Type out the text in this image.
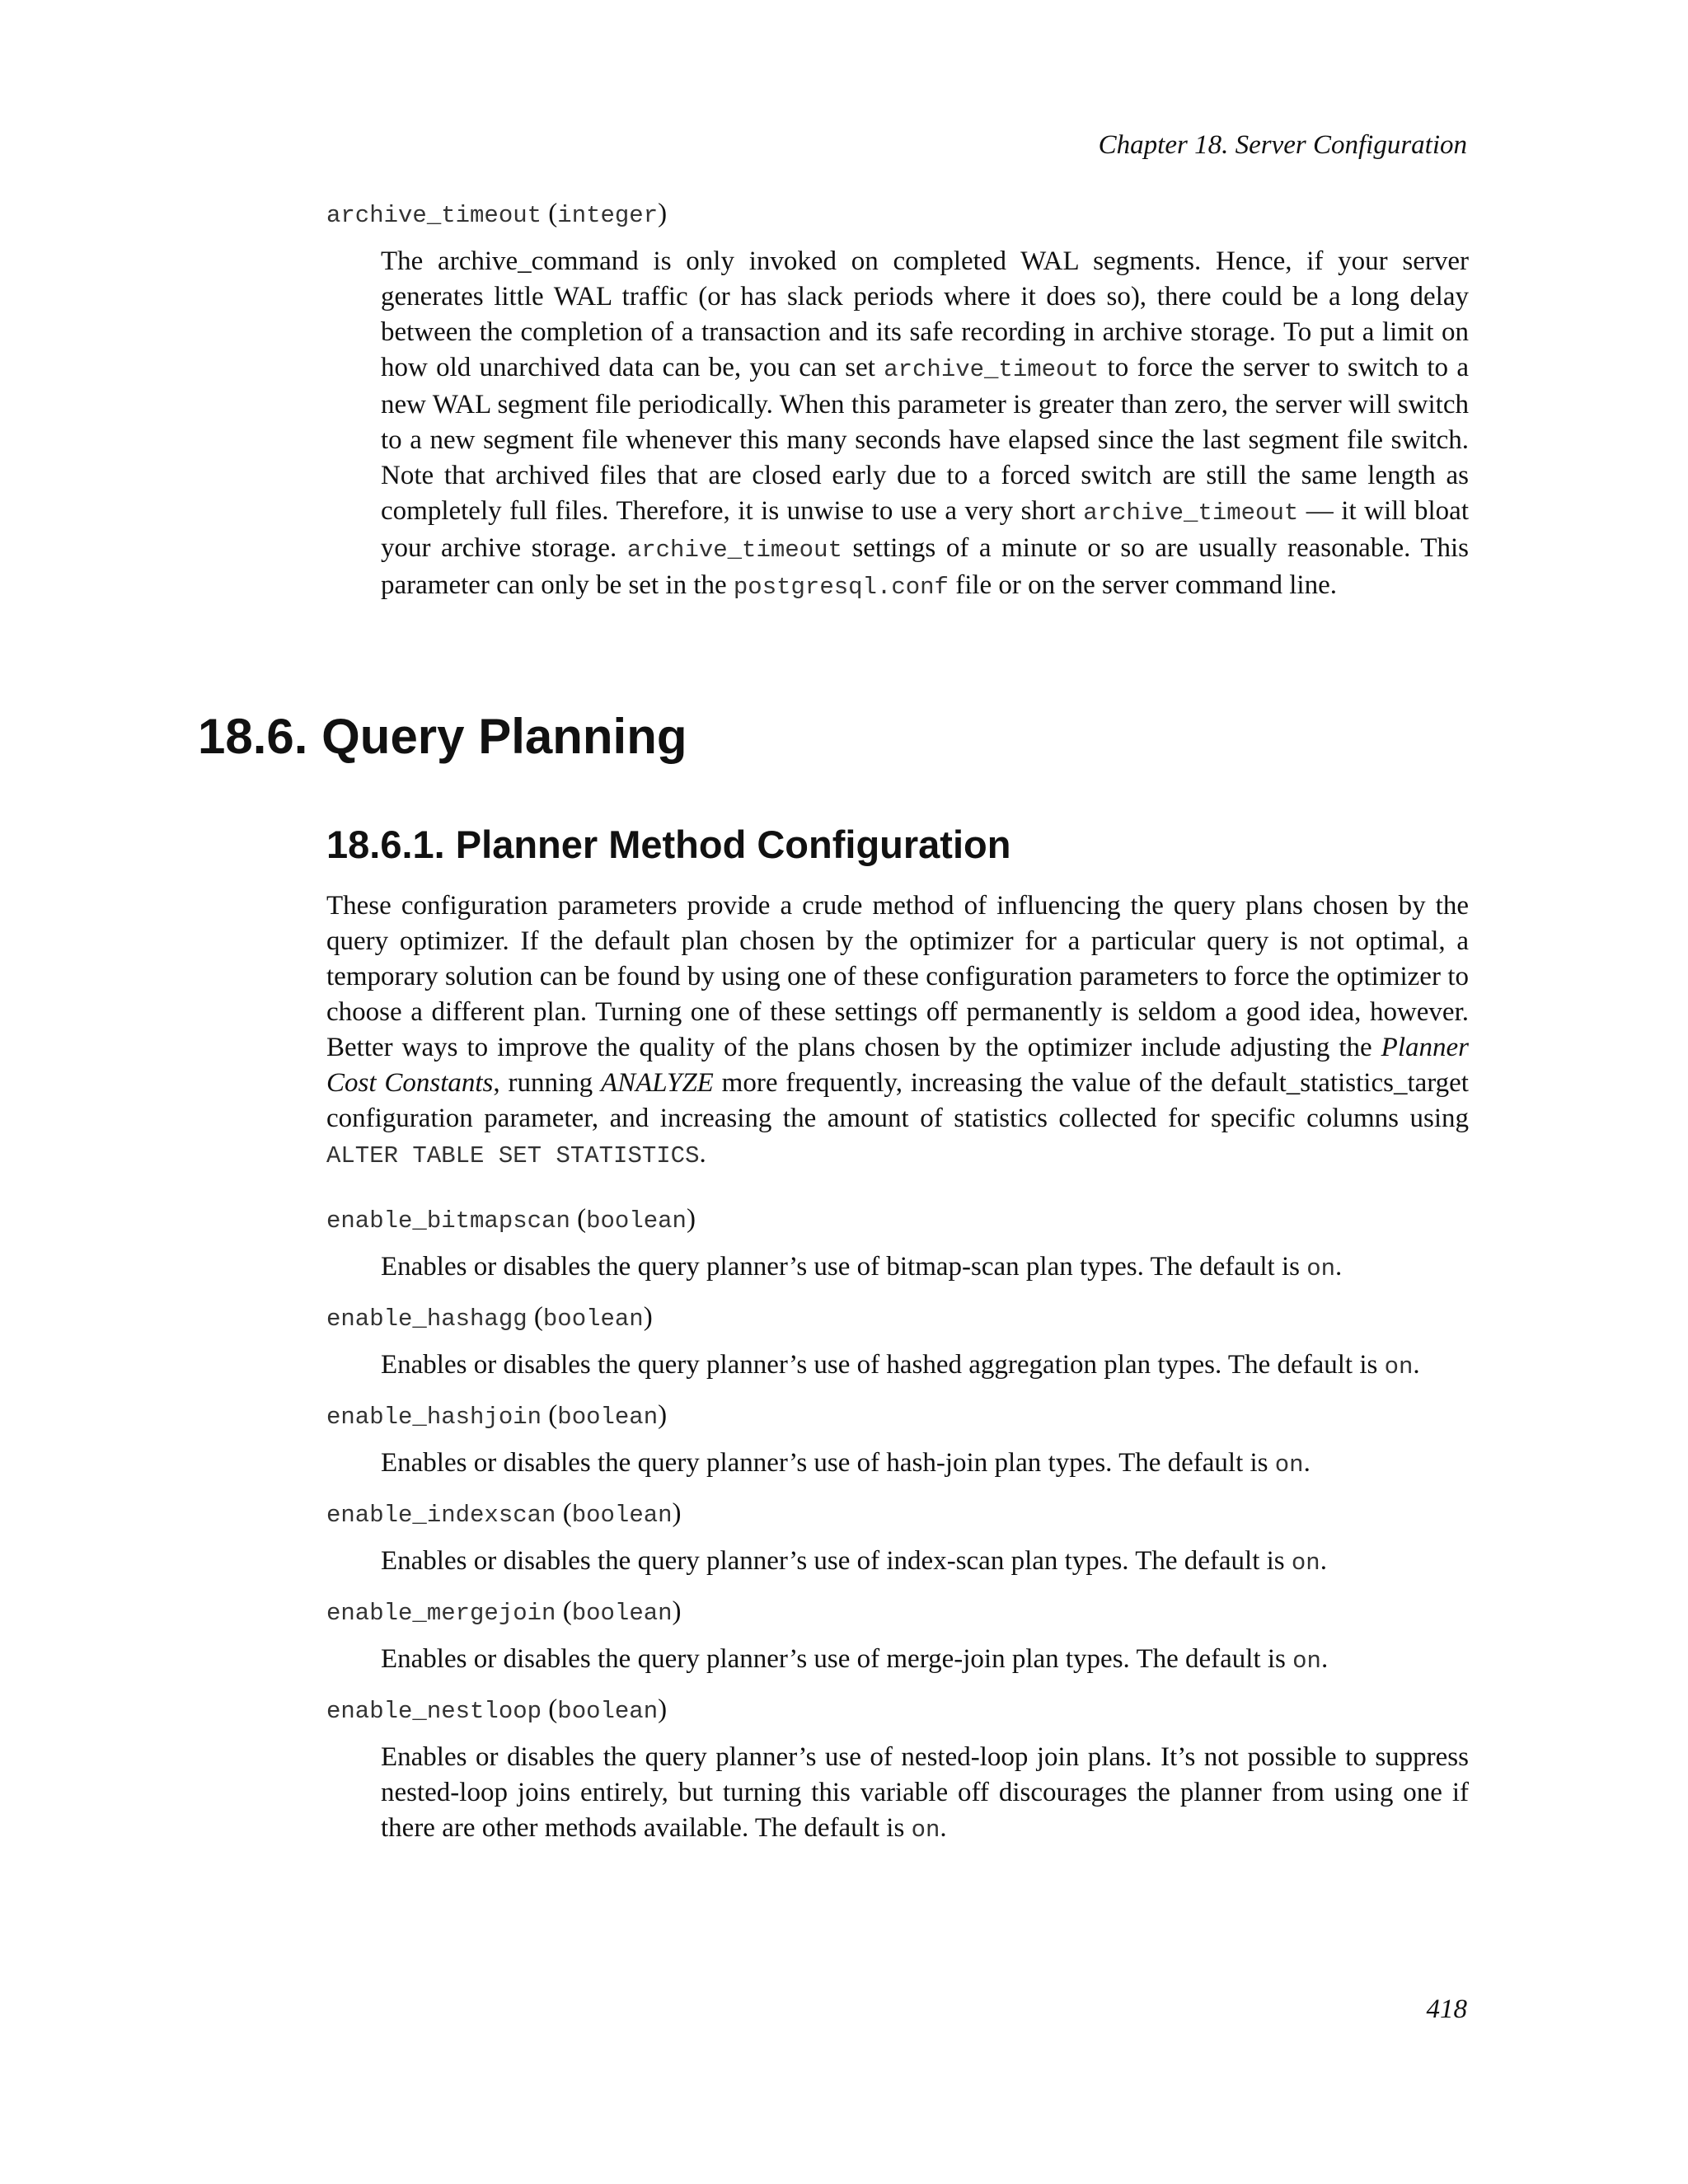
Chapter 18. Server Configuration
archive_timeout (integer)

The archive_command is only invoked on completed WAL segments. Hence, if your server generates little WAL traffic (or has slack periods where it does so), there could be a long delay between the completion of a transaction and its safe recording in archive storage. To put a limit on how old unarchived data can be, you can set archive_timeout to force the server to switch to a new WAL segment file periodically. When this parameter is greater than zero, the server will switch to a new segment file whenever this many seconds have elapsed since the last segment file switch. Note that archived files that are closed early due to a forced switch are still the same length as completely full files. Therefore, it is unwise to use a very short archive_timeout — it will bloat your archive storage. archive_timeout settings of a minute or so are usually reasonable. This parameter can only be set in the postgresql.conf file or on the server command line.

18.6. Query Planning
18.6.1. Planner Method Configuration

These configuration parameters provide a crude method of influencing the query plans chosen by the query optimizer. If the default plan chosen by the optimizer for a particular query is not optimal, a temporary solution can be found by using one of these configuration parameters to force the optimizer to choose a different plan. Turning one of these settings off permanently is seldom a good idea, however. Better ways to improve the quality of the plans chosen by the optimizer include adjusting the Planner Cost Constants, running ANALYZE more frequently, increasing the value of the default_statistics_target configuration parameter, and increasing the amount of statistics collected for specific columns using ALTER TABLE SET STATISTICS.

enable_bitmapscan (boolean)

Enables or disables the query planner’s use of bitmap-scan plan types. The default is on.

enable_hashagg (boolean)

Enables or disables the query planner’s use of hashed aggregation plan types. The default is on.

enable_hashjoin (boolean)

Enables or disables the query planner’s use of hash-join plan types. The default is on.

enable_indexscan (boolean)

Enables or disables the query planner’s use of index-scan plan types. The default is on.

enable_mergejoin (boolean)

Enables or disables the query planner’s use of merge-join plan types. The default is on.

enable_nestloop (boolean)

Enables or disables the query planner’s use of nested-loop join plans. It’s not possible to suppress nested-loop joins entirely, but turning this variable off discourages the planner from using one if there are other methods available. The default is on.

418
